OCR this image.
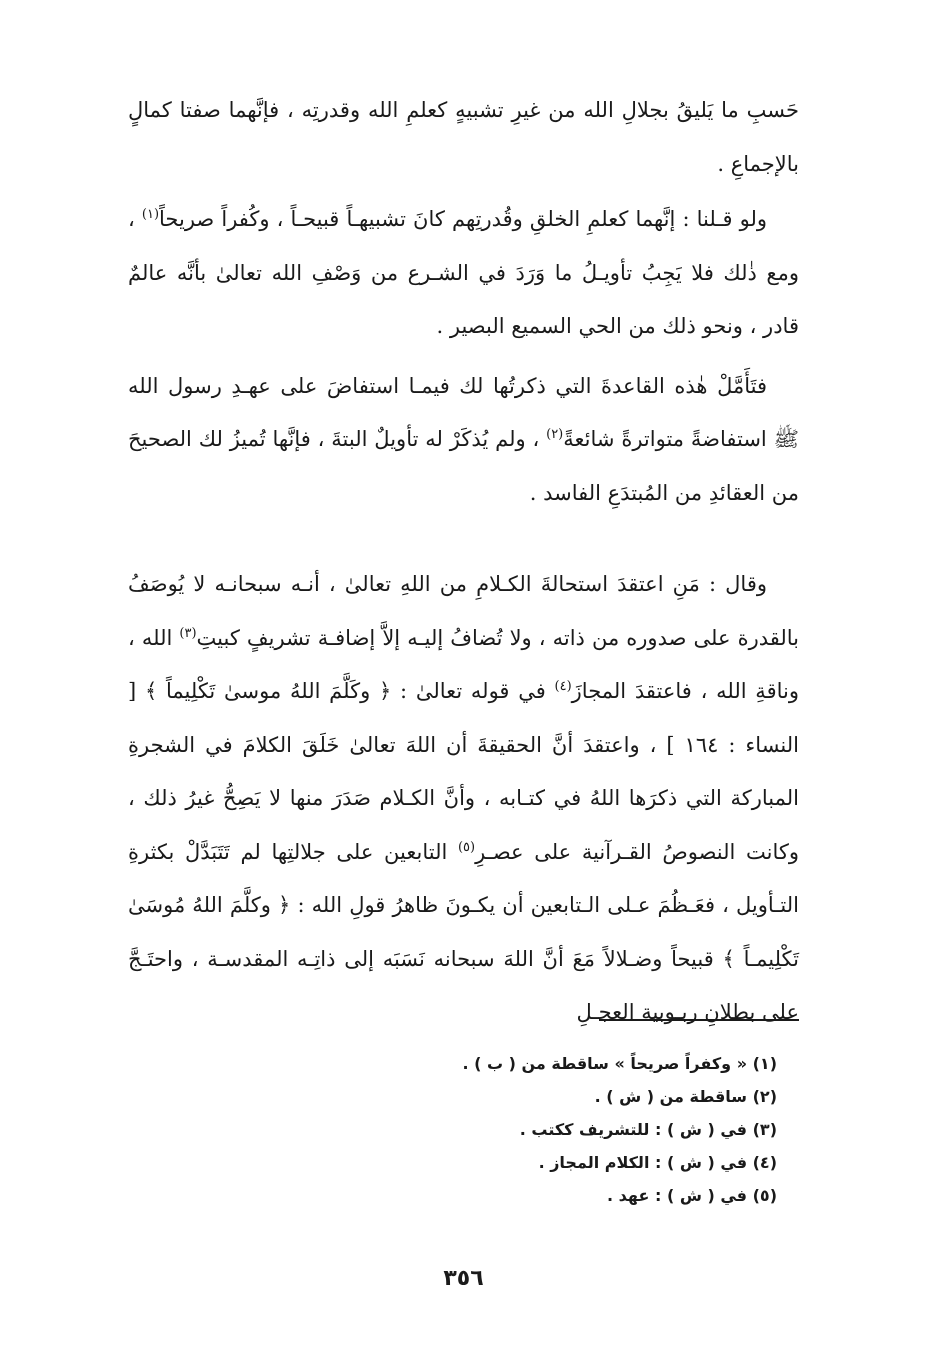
حَسبِ ما يَليقُ بجلالِ الله من غيرِ تشبيهٍ كعلمِ الله وقدرتِه ، فإنَّهما صفتا كمالٍ بالإجماعِ .

ولو قـلنا : إنَّهما كعلمِ الخلقِ وقُدرتِهم كانَ تشبيهـاً قبيحـاً ، وكُفراً صريحاً$^{(١)}$ ، ومع ذٰلك فلا يَجِبُ تأويـلُ ما وَرَدَ في الشـرع من وَصْفِ الله تعالىٰ بأنَّه عالمٌ قادر ، ونحو ذلك من الحي السميع البصير .

فتَأَمَّلْ هٰذه القاعدةَ التي ذكرتُها لك فيمـا استفاضَ على عهـدِ رسول الله ﷺ استفاضةً متواترةً شائعةً$^{(٢)}$ ، ولم يُذكَرْ له تأويلٌ البتةَ ، فإنَّها تُميزُ لك الصحيحَ من العقائدِ من المُبتدَعِ الفاسد .

وقال : مَنِ اعتقدَ استحالةَ الكـلامِ من اللهِ تعالىٰ ، أنـه سبحانـه لا يُوصَفُ بالقدرة على صدوره من ذاته ، ولا تُضافُ إليـه إلاَّ إضافـة تشريفٍ كبيتِ$^{(٣)}$ الله ، وناقةِ الله ، فاعتقدَ المجازَ$^{(٤)}$ في قوله تعالىٰ : ﴿ وكَلَّمَ اللهُ موسىٰ تَكْلِيماً ﴾ [ النساء : ١٦٤ ] ، واعتقدَ أنَّ الحقيقةَ أن اللهَ تعالىٰ خَلَقَ الكلامَ في الشجرةِ المباركة التي ذكرَها اللهُ في كتـابه ، وأنَّ الكـلام صَدَرَ منها لا يَصِحُّ غيرُ ذلك ، وكانت النصوصُ القـرآنية على عصـرِ$^{(٥)}$ التابعين على جلالتِها لم تَتَبَدَّلْ بكثرةِ التـأويل ، فعَـظُمَ عـلى الـتابعين أن يكـونَ ظاهرُ قولِ الله : ﴿ وكلَّمَ اللهُ مُوسَىٰ تَكْلِيمـاً ﴾ قبيحاً وضـلالاً مَعَ أنَّ اللهَ سبحانه نَسَبَه إلى ذاتِـه المقدسـة ، واحتَـجَّ على بطلانِ ربـوبية العجـلِ

(١) « وكفراً صريحاً » ساقطة من ( ب ) .

(٢) ساقطة من ( ش ) .

(٣) في ( ش ) : للتشريف ككتب .

(٤) في ( ش ) : الكلام المجاز .

(٥) في ( ش ) : عهد .

٣٥٦
